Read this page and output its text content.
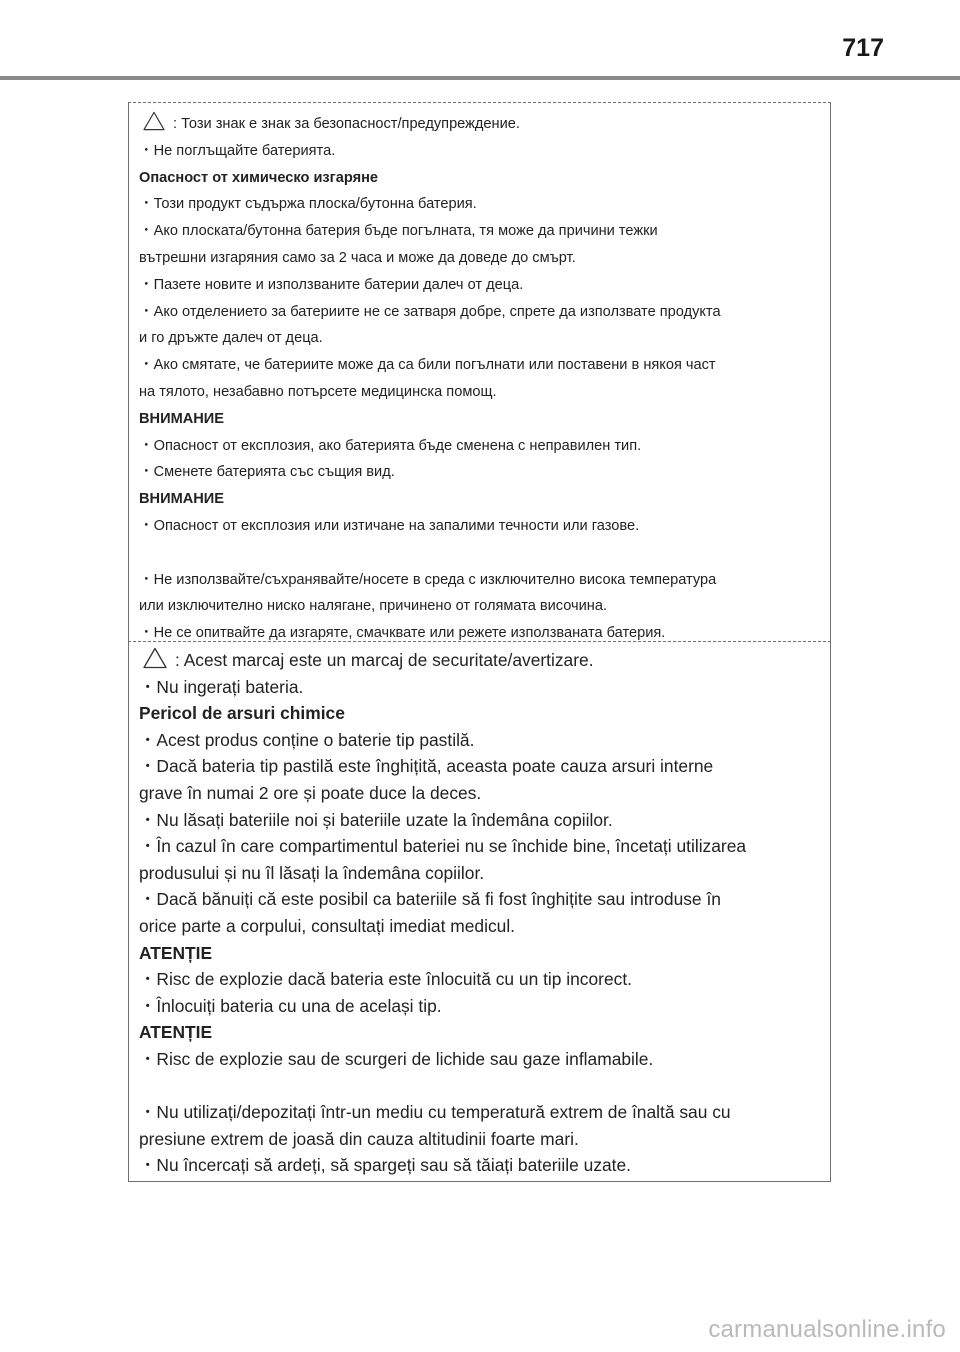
717
: Този знак е знак за безопасност/предупреждение.
・Не поглъщайте батерията.
Опасност от химическо изгаряне
・Този продукт съдържа плоска/бутонна батерия.
・Ако плоската/бутонна батерия бъде погълната, тя може да причини тежки
вътрешни изгаряния само за 2 часа и може да доведе до смърт.
・Пазете новите и използваните батерии далеч от деца.
・Ако отделението за батериите не се затваря добре, спрете да използвате продукта
и го дръжте далеч от деца.
・Ако смятате, че батериите може да са били погълнати или поставени в някоя част
на тялото, незабавно потърсете медицинска помощ.
ВНИМАНИЕ
・Опасност от експлозия, ако батерията бъде сменена с неправилен тип.
・Сменете батерията със същия вид.
ВНИМАНИЕ
・Опасност от експлозия или изтичане на запалими течности или газове.
・Не използвайте/съхранявайте/носете в среда с изключително висока температура
или изключително ниско налягане, причинено от голямата височина.
・Не се опитвайте да изгаряте, смачквате или режете използваната батерия.
: Acest marcaj este un marcaj de securitate/avertizare.
・Nu ingerați bateria.
Pericol de arsuri chimice
・Acest produs conține o baterie tip pastilă.
・Dacă bateria tip pastilă este înghițită, aceasta poate cauza arsuri interne
grave în numai 2 ore și poate duce la deces.
・Nu lăsați bateriile noi și bateriile uzate la îndemâna copiilor.
・În cazul în care compartimentul bateriei nu se închide bine, încetați utilizarea
produsului și nu îl lăsați la îndemâna copiilor.
・Dacă bănuiți că este posibil ca bateriile să fi fost înghițite sau introduse în
orice parte a corpului, consultați imediat medicul.
ATENȚIE
・Risc de explozie dacă bateria este înlocuită cu un tip incorect.
・Înlocuiți bateria cu una de același tip.
ATENȚIE
・Risc de explozie sau de scurgeri de lichide sau gaze inflamabile.
・Nu utilizați/depozitați într-un mediu cu temperatură extrem de înaltă sau cu
presiune extrem de joasă din cauza altitudinii foarte mari.
・Nu încercați să ardeți, să spargeți sau să tăiați bateriile uzate.
carmanualsonline.info
